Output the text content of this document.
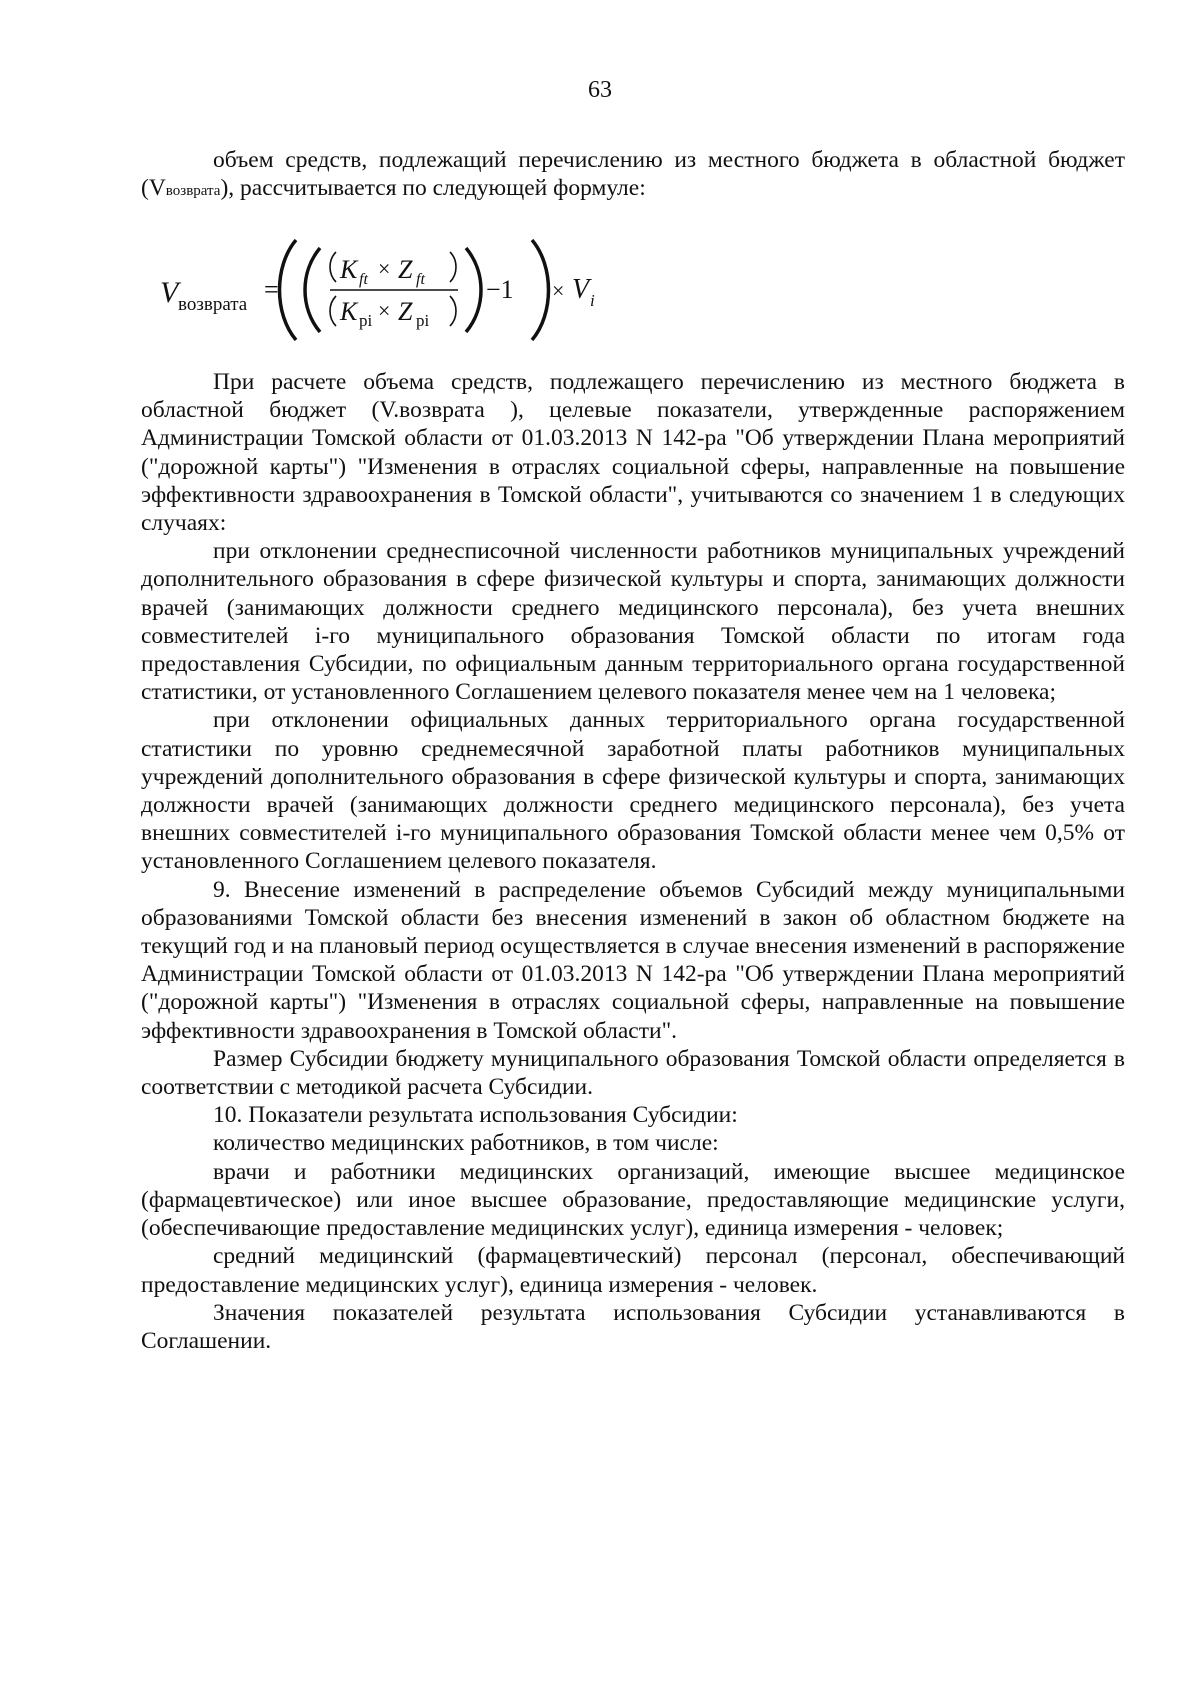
63

объем средств, подлежащий перечислению из местного бюджета в областной бюджет (Vвозврата), рассчитывается по следующей формуле:

V возврата
=
K ft × Z ft
K pi × Z pi
−1 × V i

При расчете объема средств, подлежащего перечислению из местного бюджета в областной бюджет (V.возврата ), целевые показатели, утвержденные распоряжением Администрации Томской области от 01.03.2013 N 142-ра "Об утверждении Плана мероприятий ("дорожной карты") "Изменения в отраслях социальной сферы, направленные на повышение эффективности здравоохранения в Томской области", учитываются со значением 1 в следующих случаях:

при отклонении среднесписочной численности работников муниципальных учреждений дополнительного образования в сфере физической культуры и спорта, занимающих должности врачей (занимающих должности среднего медицинского персонала), без учета внешних совместителей i-го муниципального образования Томской области по итогам года предоставления Субсидии, по официальным данным территориального органа государственной статистики, от установленного Соглашением целевого показателя менее чем на 1 человека;

при отклонении официальных данных территориального органа государственной статистики по уровню среднемесячной заработной платы работников муниципальных учреждений дополнительного образования в сфере физической культуры и спорта, занимающих должности врачей (занимающих должности среднего медицинского персонала), без учета внешних совместителей i-го муниципального образования Томской области менее чем 0,5% от установленного Соглашением целевого показателя.

9. Внесение изменений в распределение объемов Субсидий между муниципальными образованиями Томской области без внесения изменений в закон об областном бюджете на текущий год и на плановый период осуществляется в случае внесения изменений в распоряжение Администрации Томской области от 01.03.2013 N 142-ра "Об утверждении Плана мероприятий ("дорожной карты") "Изменения в отраслях социальной сферы, направленные на повышение эффективности здравоохранения в Томской области".

Размер Субсидии бюджету муниципального образования Томской области определяется в соответствии с методикой расчета Субсидии.

10. Показатели результата использования Субсидии:

количество медицинских работников, в том числе:

врачи и работники медицинских организаций, имеющие высшее медицинское (фармацевтическое) или иное высшее образование, предоставляющие медицинские услуги, (обеспечивающие предоставление медицинских услуг), единица измерения - человек;

средний медицинский (фармацевтический) персонал (персонал, обеспечивающий предоставление медицинских услуг), единица измерения - человек.

Значения показателей результата использования Субсидии устанавливаются в Соглашении.
